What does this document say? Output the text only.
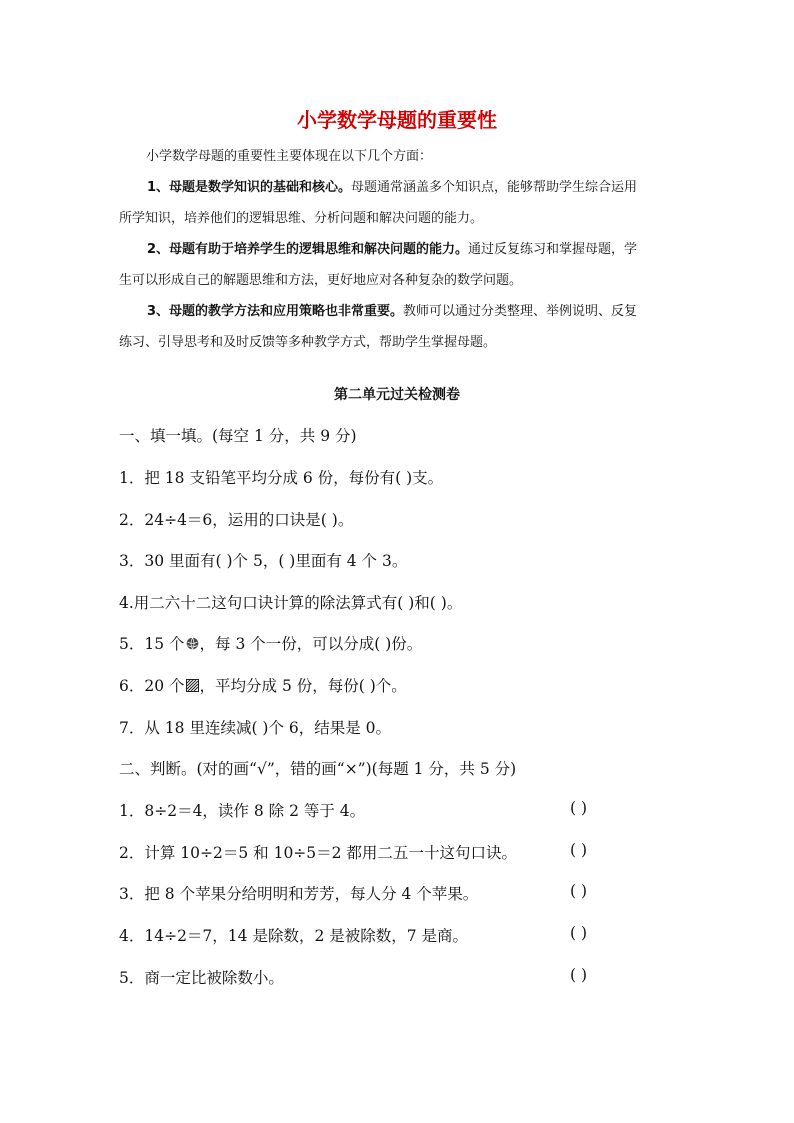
小学数学母题的重要性
小学数学母题的重要性主要体现在以下几个方面：
1、母题是数学知识的基础和核心。母题通常涵盖多个知识点，能够帮助学生综合运用
所学知识，培养他们的逻辑思维、分析问题和解决问题的能力。
2、母题有助于培养学生的逻辑思维和解决问题的能力。通过反复练习和掌握母题，学
生可以形成自己的解题思维和方法，更好地应对各种复杂的数学问题。
3、母题的教学方法和应用策略也非常重要。教师可以通过分类整理、举例说明、反复
练习、引导思考和及时反馈等多种教学方式，帮助学生掌握母题。
第二单元过关检测卷
一、填一填。(每空 1 分，共 9 分)
1．把 18 支铅笔平均分成 6 份，每份有( )支。
2．24÷4＝6，运用的口诀是( )。
3．30 里面有( )个 5，( )里面有 4 个 3。
4.用二六十二这句口诀计算的除法算式有( )和( )。
5．15 个 ，每 3 个一份，可以分成( )份。
6．20 个 ，平均分成 5 份，每份( )个。
7．从 18 里连续减( )个 6，结果是 0。
二、判断。(对的画“√”，错的画“×”)(每题 1 分，共 5 分)
1．8÷2＝4，读作 8 除 2 等于 4。	( )
2．计算 10÷2＝5 和 10÷5＝2 都用二五一十这句口诀。	( )
3．把 8 个苹果分给明明和芳芳，每人分 4 个苹果。	( )
4．14÷2＝7，14 是除数，2 是被除数，7 是商。	( )
5．商一定比被除数小。	( )
